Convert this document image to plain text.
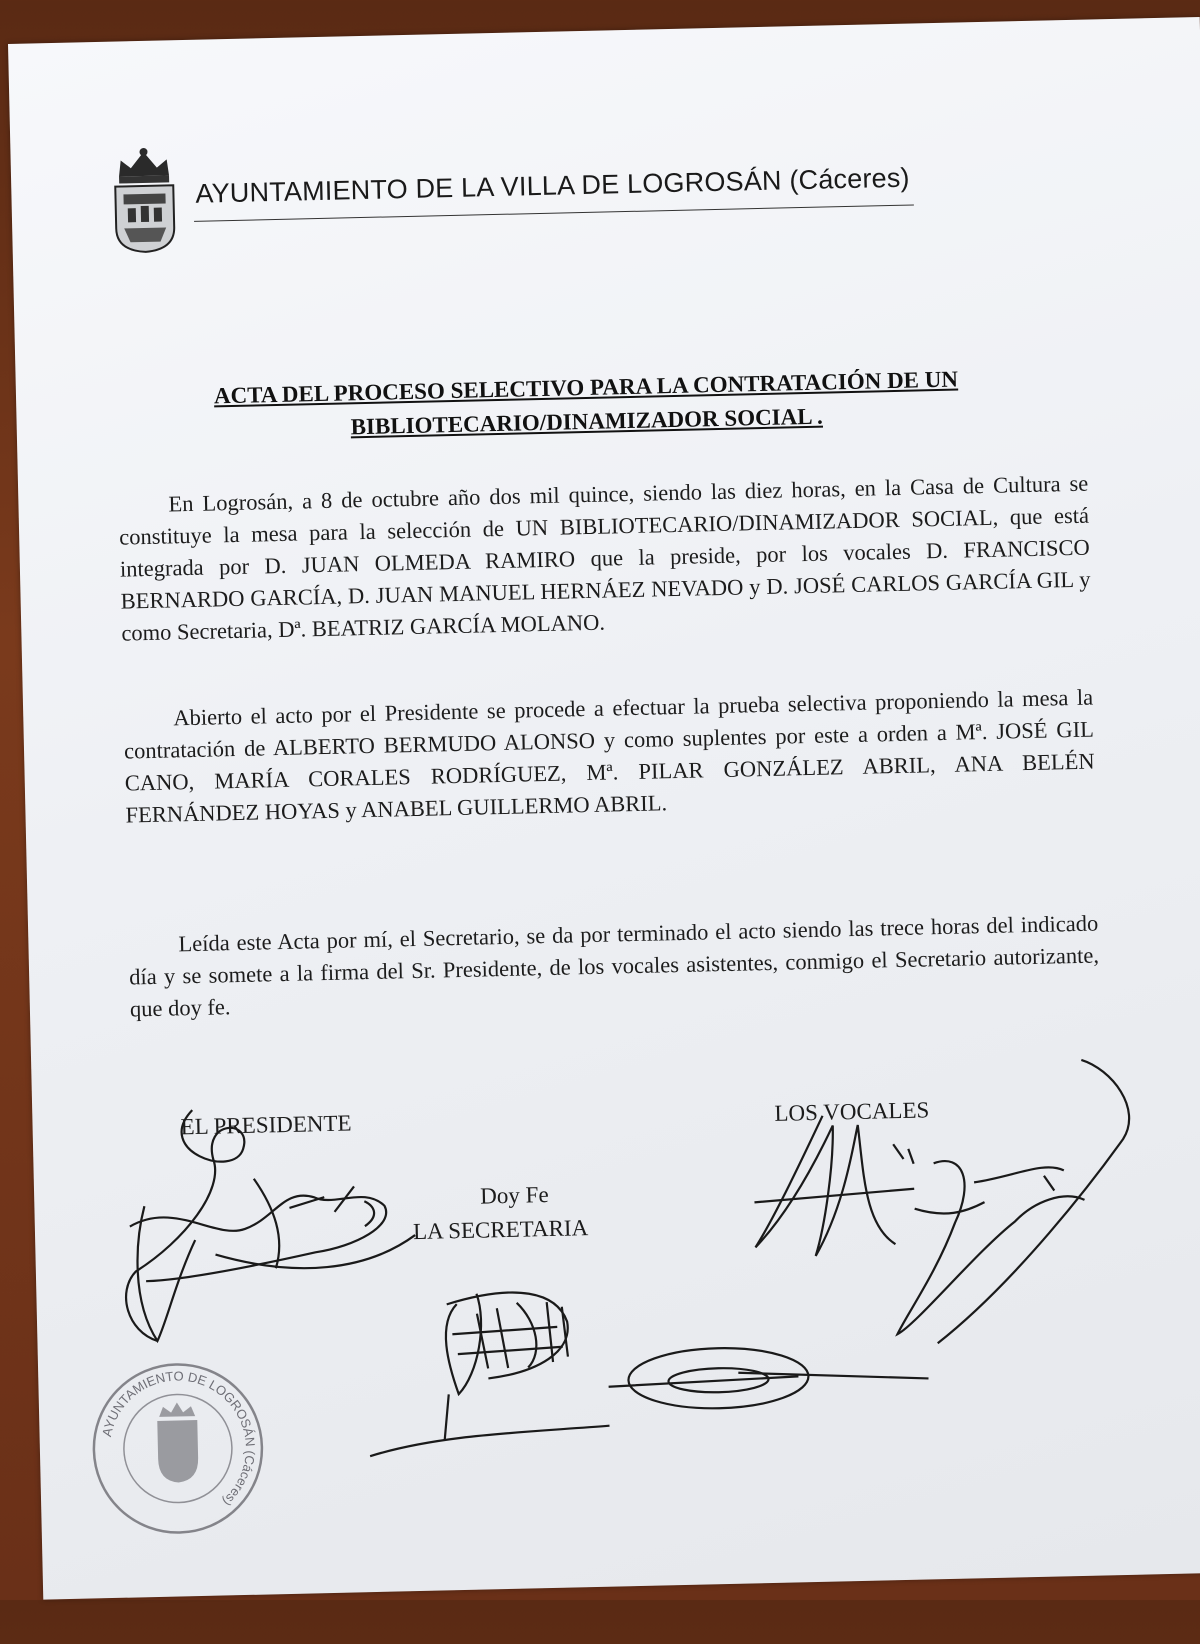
AYUNTAMIENTO DE LA VILLA DE LOGROSÁN (Cáceres)
ACTA DEL PROCESO SELECTIVO PARA LA CONTRATACIÓN DE UN
BIBLIOTECARIO/DINAMIZADOR SOCIAL .
En Logrosán, a 8 de octubre año dos mil quince, siendo las diez horas, en la Casa de Cultura se constituye la mesa para la selección de UN BIBLIOTECARIO/DINAMIZADOR SOCIAL, que está integrada por D. JUAN OLMEDA RAMIRO que la preside, por los vocales D. FRANCISCO BERNARDO GARCÍA, D. JUAN MANUEL HERNÁEZ NEVADO y D. JOSÉ CARLOS GARCÍA GIL y como Secretaria, Dª. BEATRIZ GARCÍA MOLANO.
Abierto el acto por el Presidente se procede a efectuar la prueba selectiva proponiendo la mesa la contratación de ALBERTO BERMUDO ALONSO y como suplentes por este a orden a Mª. JOSÉ GIL CANO, MARÍA CORALES RODRÍGUEZ, Mª. PILAR GONZÁLEZ ABRIL, ANA BELÉN FERNÁNDEZ HOYAS y ANABEL GUILLERMO ABRIL.
Leída este Acta por mí, el Secretario, se da por terminado el acto siendo las trece horas del indicado día y se somete a la firma del Sr. Presidente, de los vocales asistentes, conmigo el Secretario autorizante, que doy fe.
EL PRESIDENTE	LOS VOCALES
Doy Fe
LA SECRETARIA
AYUNTAMIENTO DE LOGROSÁN (Cáceres)
